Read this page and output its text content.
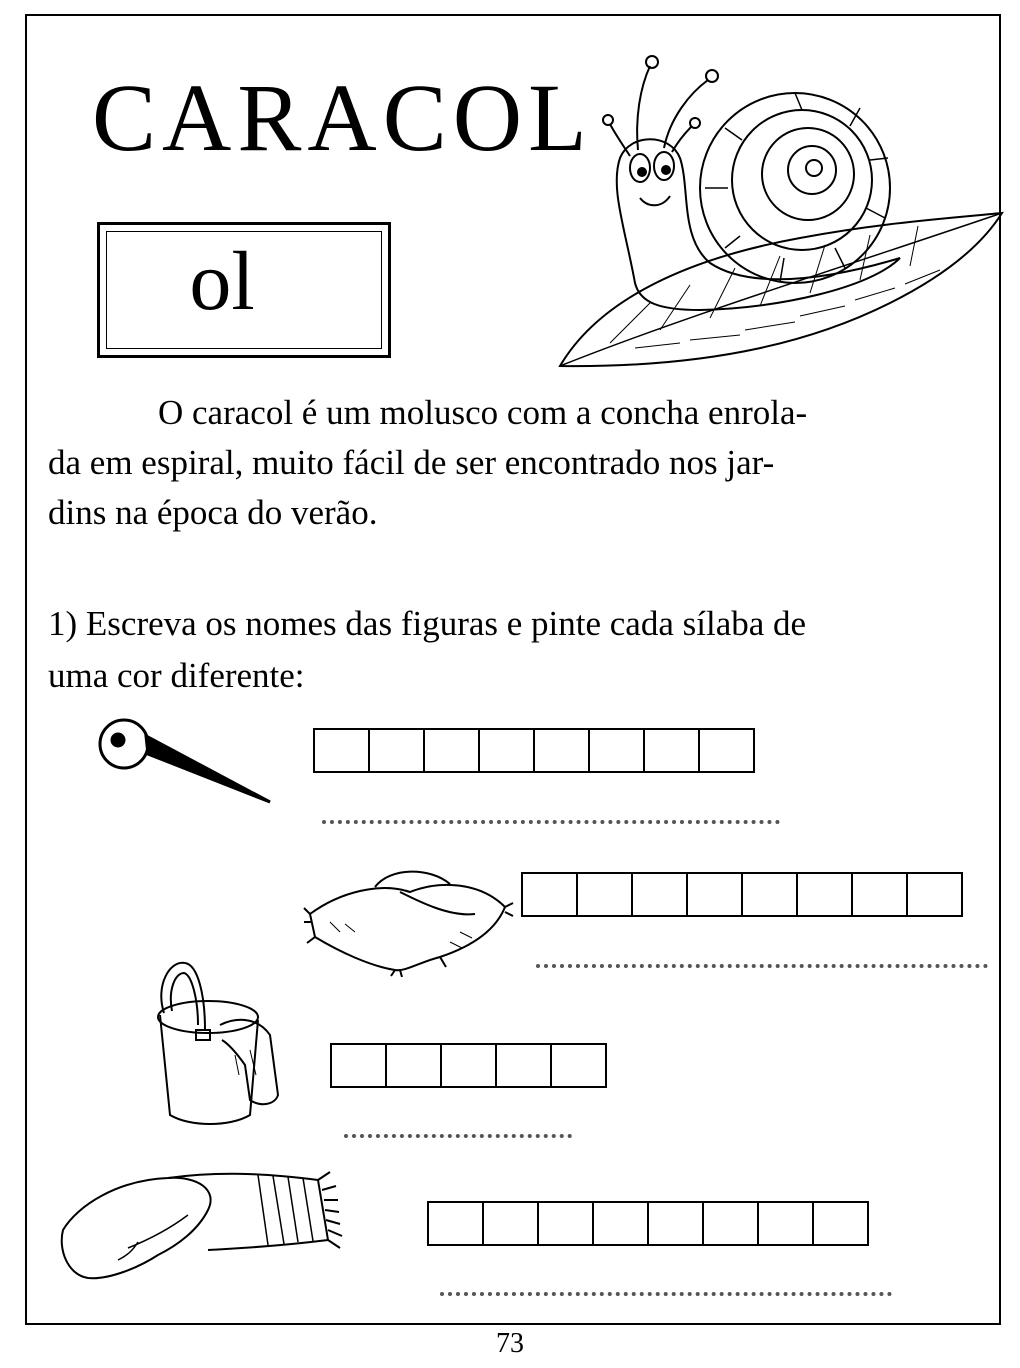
CARACOL
ol

O caracol é um molusco com a concha enrola-
da em espiral, muito fácil de ser encontrado nos jar-
dins na época do verão.

1) Escreva os nomes das figuras e pinte cada sílaba de
uma cor diferente:

73
